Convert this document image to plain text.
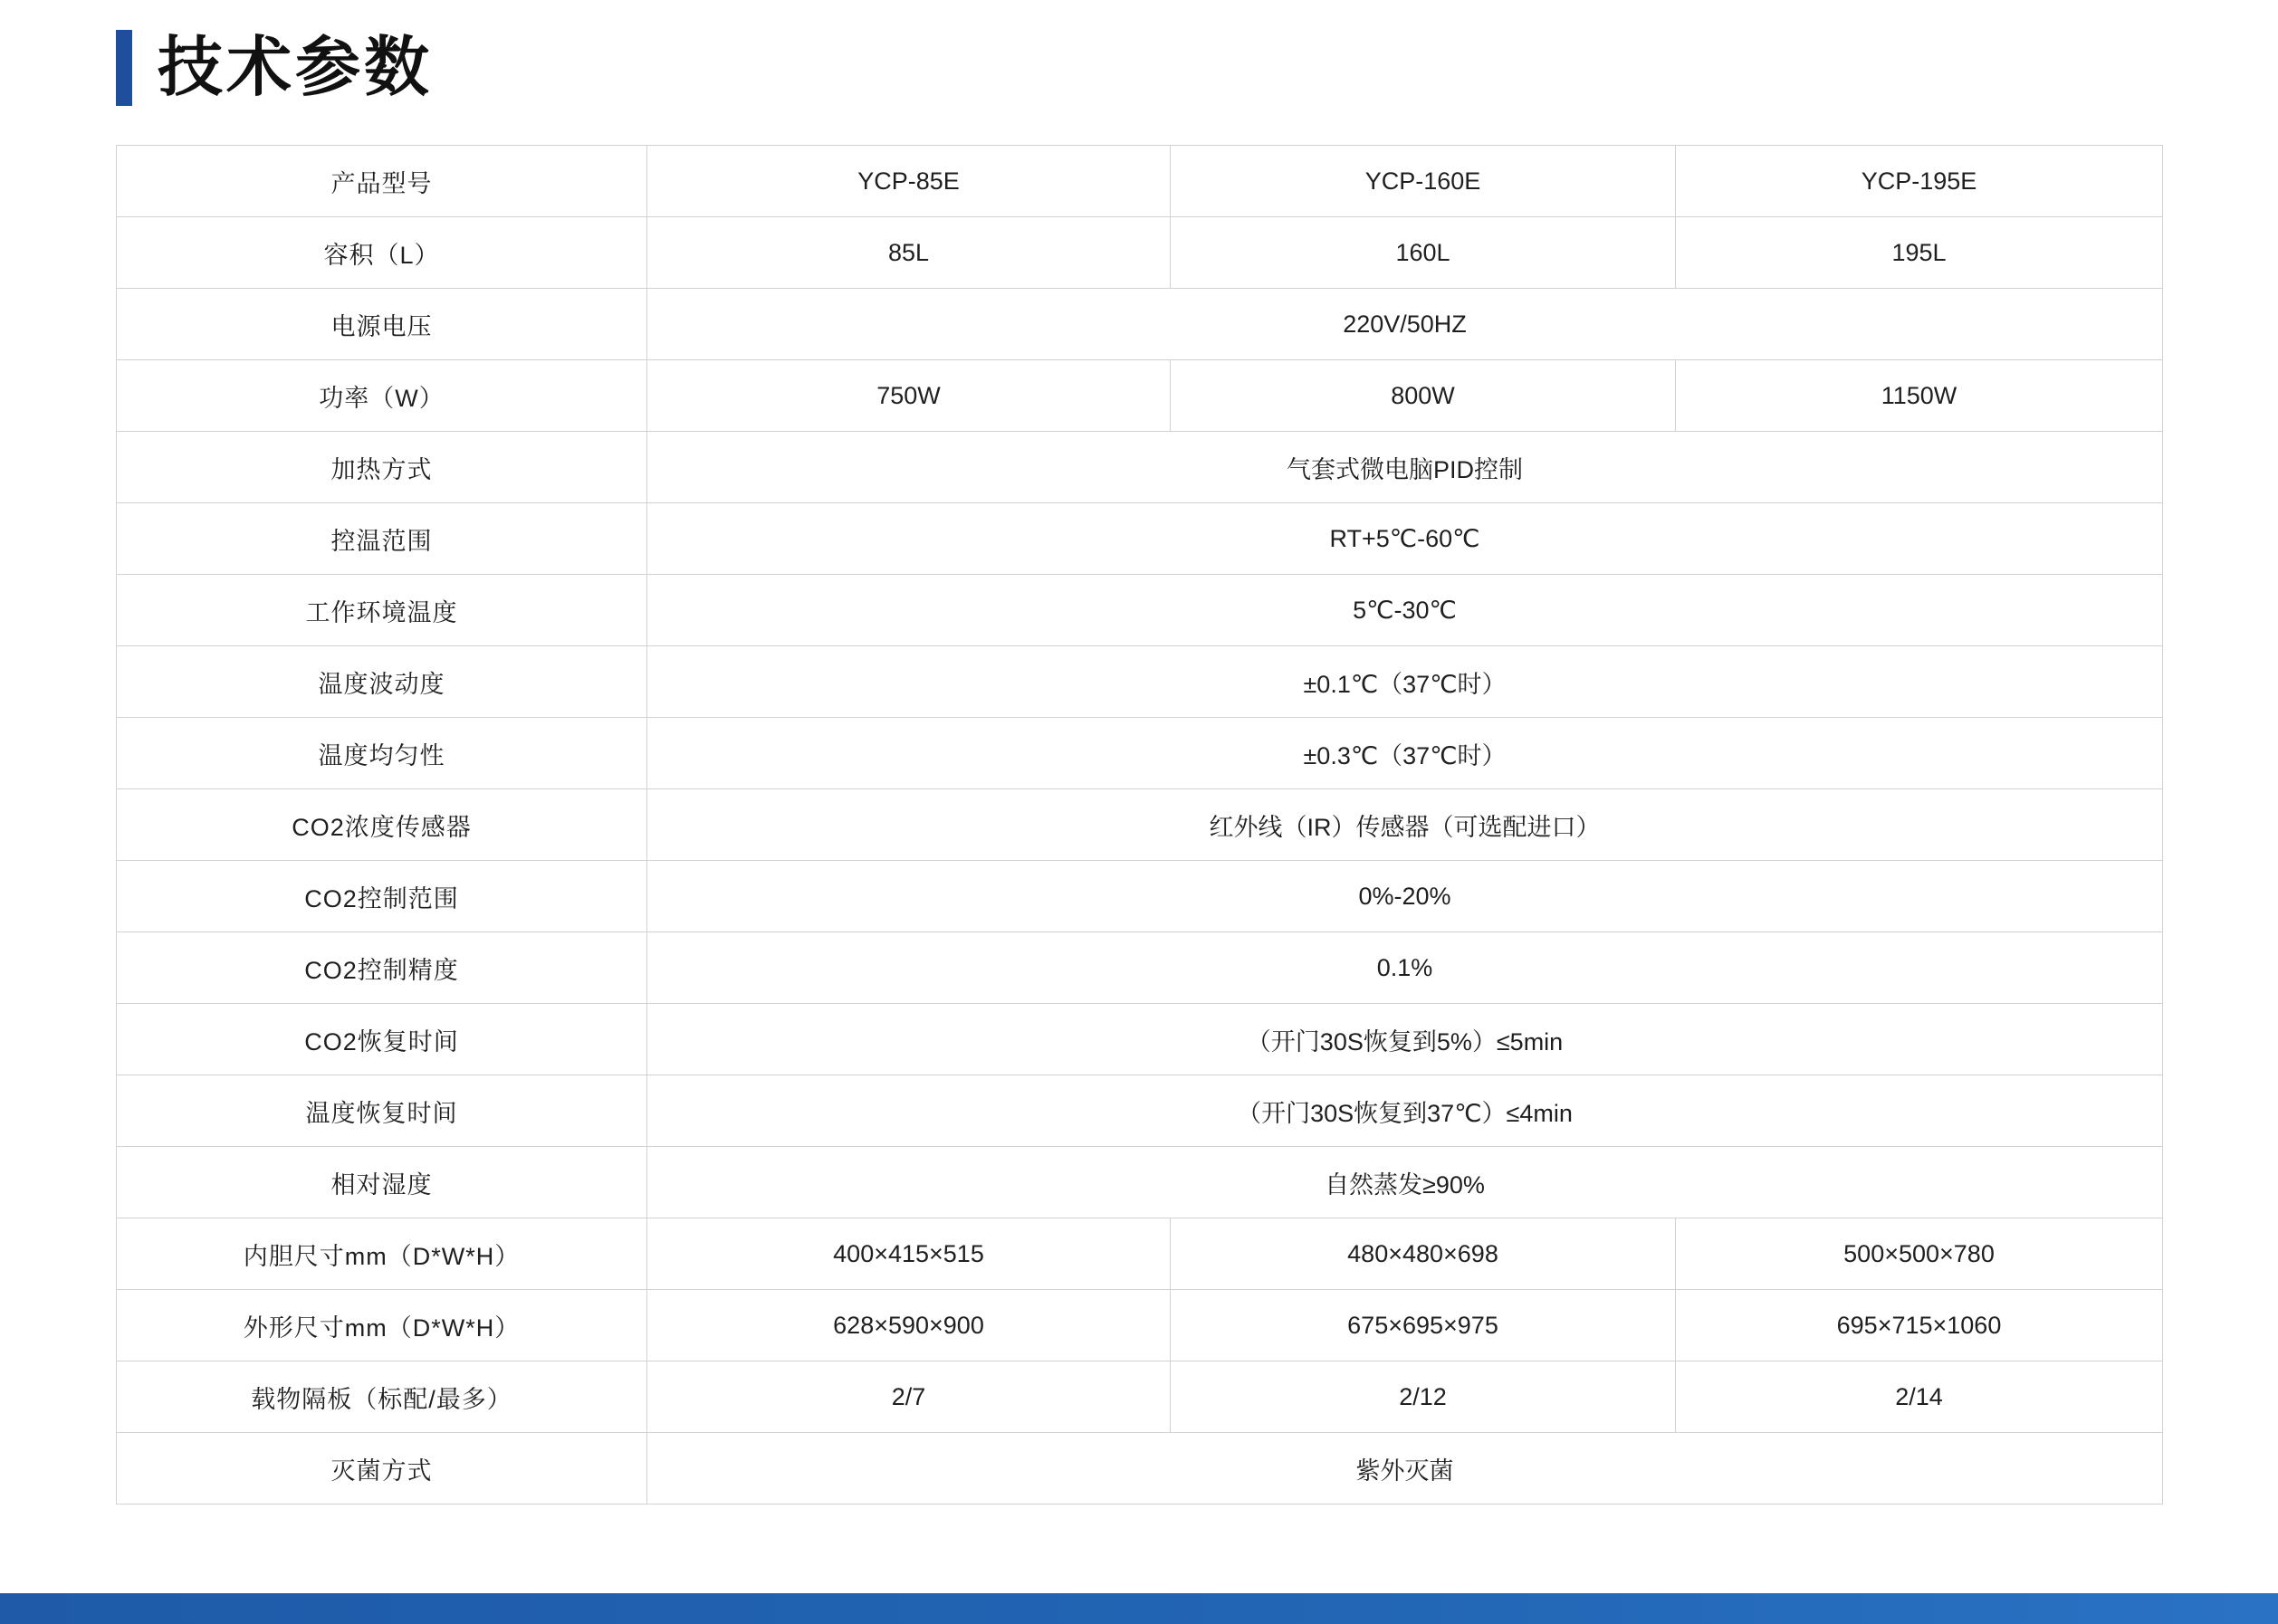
技术参数
产品型号	YCP-85E	YCP-160E	YCP-195E
容积（L）	85L	160L	195L
电源电压	220V/50HZ		
功率（W）	750W	800W	1150W
加热方式	气套式微电脑PID控制		
控温范围	RT+5℃-60℃		
工作环境温度	5℃-30℃		
温度波动度	±0.1℃（37℃时）		
温度均匀性	±0.3℃（37℃时）		
CO2浓度传感器	红外线（IR）传感器（可选配进口）		
CO2控制范围	0%-20%		
CO2控制精度	0.1%		
CO2恢复时间	（开门30S恢复到5%）≤5min		
温度恢复时间	（开门30S恢复到37℃）≤4min		
相对湿度	自然蒸发≥90%		
内胆尺寸mm（D*W*H）	400×415×515	480×480×698	500×500×780
外形尺寸mm（D*W*H）	628×590×900	675×695×975	695×715×1060
载物隔板（标配/最多）	2/7	2/12	2/14
灭菌方式	紫外灭菌		
